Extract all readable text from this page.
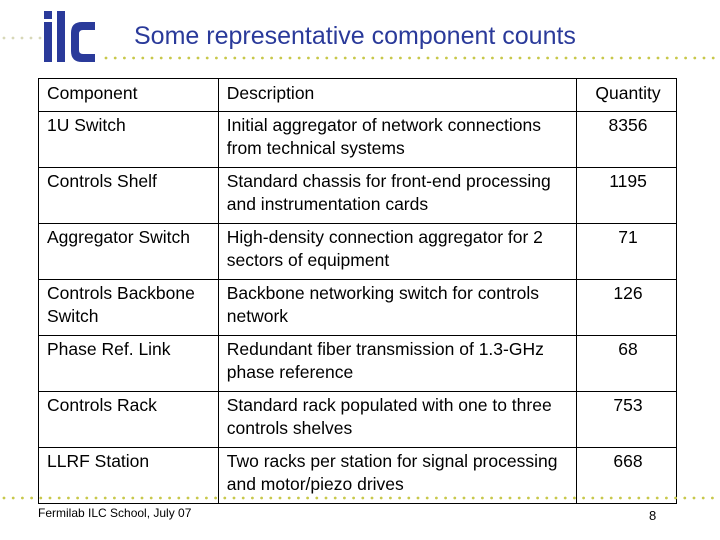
Some representative component counts
Component	Description	Quantity
1U Switch	Initial aggregator of network connections from technical systems	8356
Controls Shelf	Standard chassis for front-end processing and instrumentation cards	1195
Aggregator Switch	High-density connection aggregator for 2 sectors of equipment	71
Controls Backbone Switch	Backbone networking switch for controls network	126
Phase Ref. Link	Redundant fiber transmission of 1.3-GHz phase reference	68
Controls Rack	Standard rack populated with one to three controls shelves	753
LLRF Station	Two racks per station for signal processing and motor/piezo drives	668
Fermilab ILC School, July 07	8
